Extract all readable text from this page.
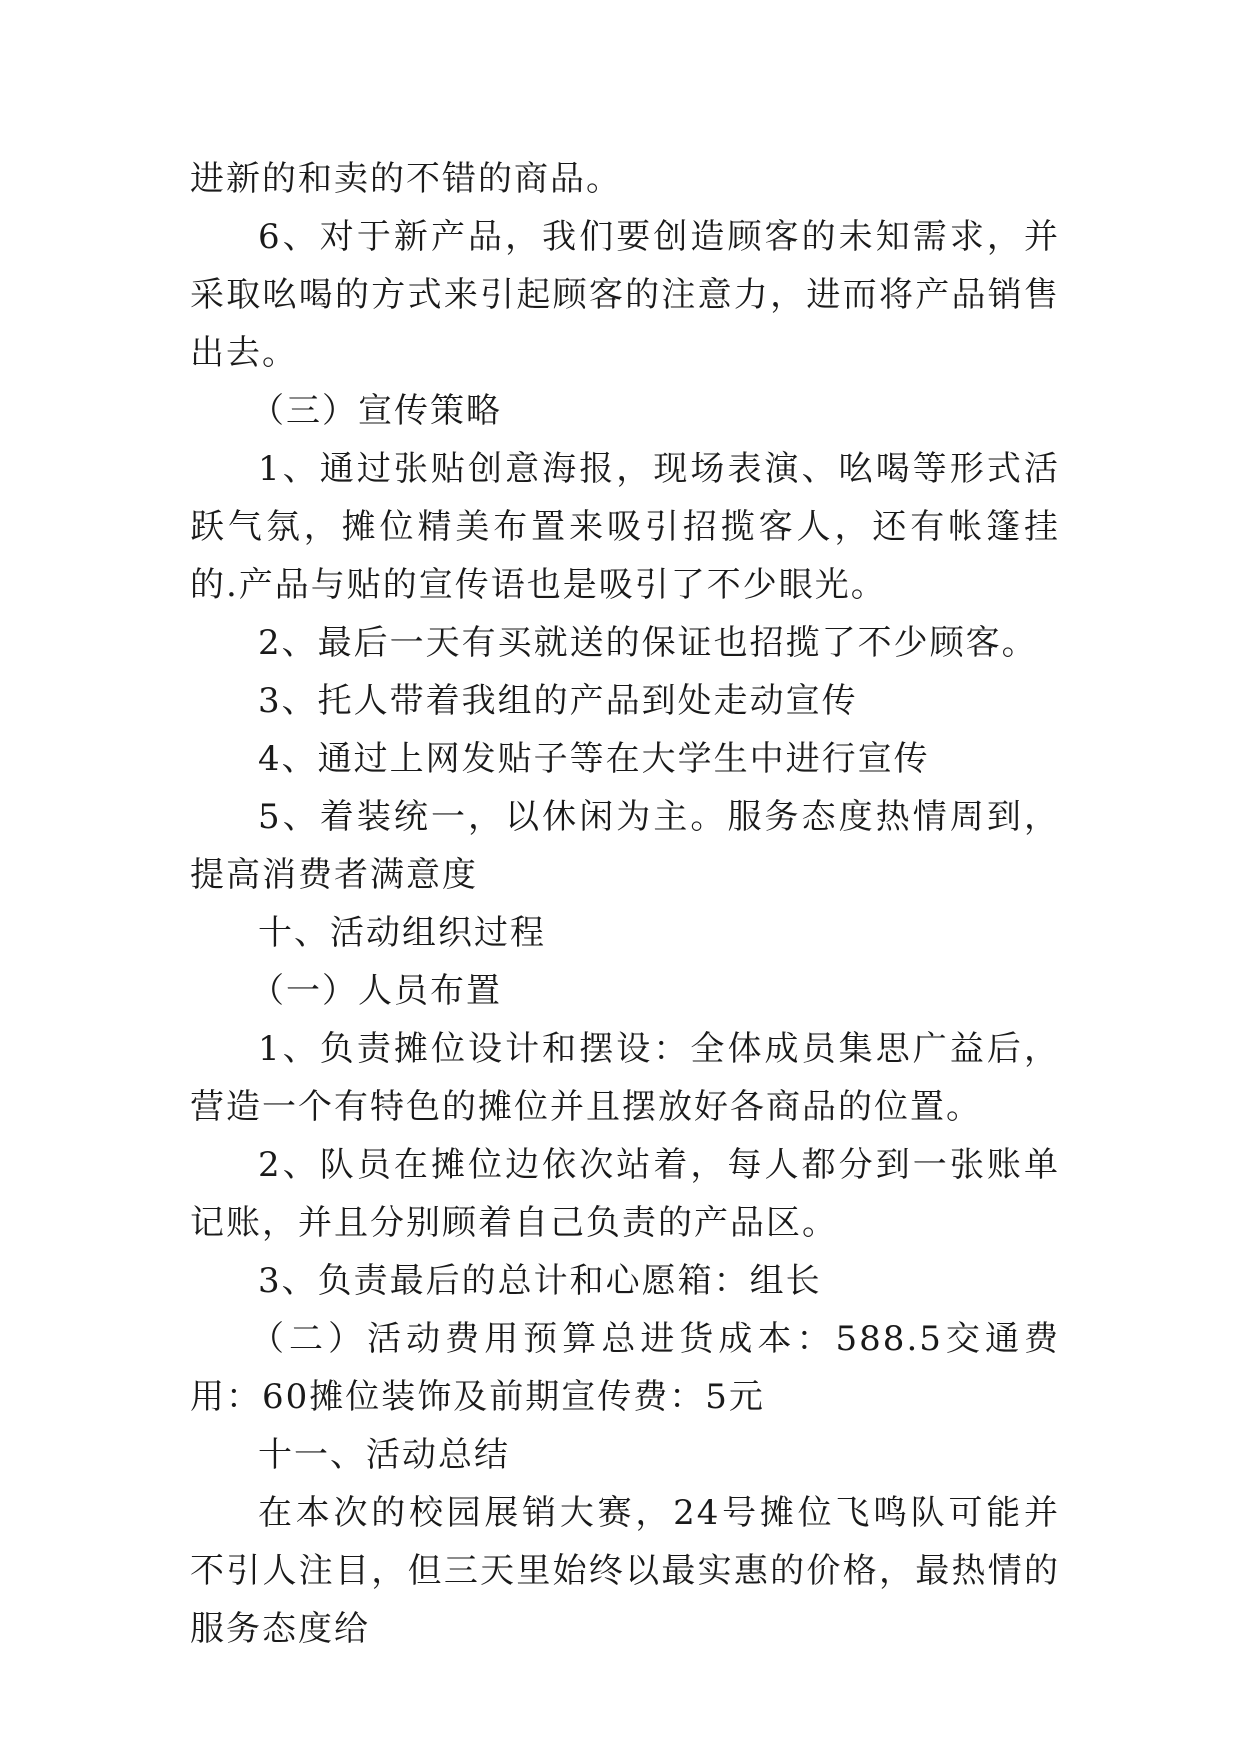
进新的和卖的不错的商品。

6、对于新产品，我们要创造顾客的未知需求，并采取吆喝的方式来引起顾客的注意力，进而将产品销售出去。

（三）宣传策略

1、通过张贴创意海报，现场表演、吆喝等形式活跃气氛，摊位精美布置来吸引招揽客人，还有帐篷挂的.产品与贴的宣传语也是吸引了不少眼光。

2、最后一天有买就送的保证也招揽了不少顾客。

3、托人带着我组的产品到处走动宣传

4、通过上网发贴子等在大学生中进行宣传

5、着装统一，以休闲为主。服务态度热情周到，提高消费者满意度

十、活动组织过程

（一）人员布置

1、负责摊位设计和摆设：全体成员集思广益后，营造一个有特色的摊位并且摆放好各商品的位置。

2、队员在摊位边依次站着，每人都分到一张账单记账，并且分别顾着自己负责的产品区。

3、负责最后的总计和心愿箱：组长

（二）活动费用预算总进货成本：588.5交通费用：60摊位装饰及前期宣传费：5元

十一、活动总结

在本次的校园展销大赛，24号摊位飞鸣队可能并不引人注目，但三天里始终以最实惠的价格，最热情的服务态度给
